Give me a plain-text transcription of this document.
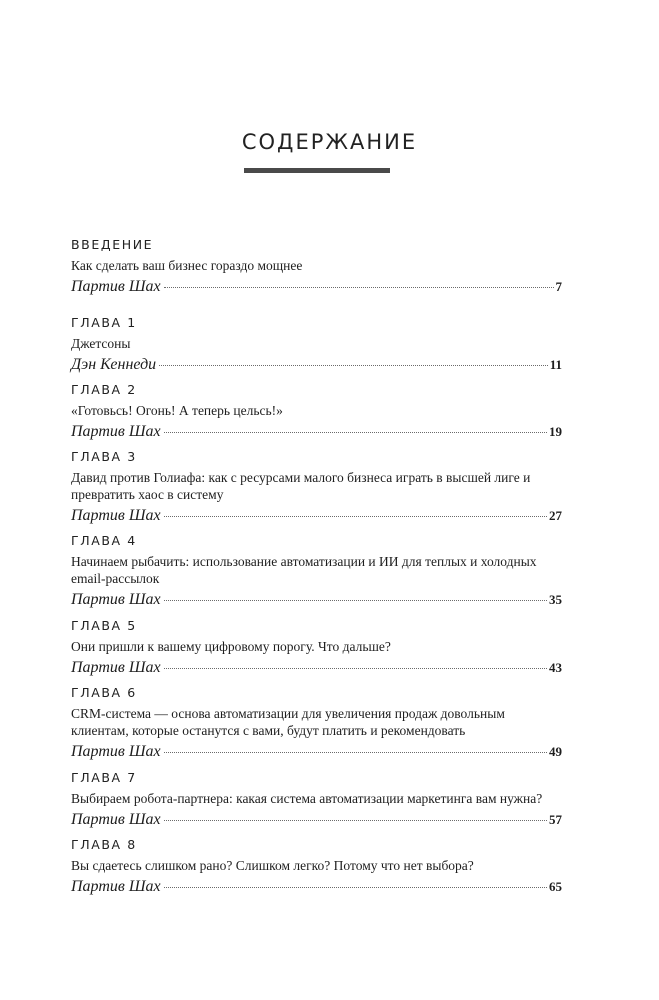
СОДЕРЖАНИЕ
ВВЕДЕНИЕ
Как сделать ваш бизнес гораздо мощнее
Партив Шах	7
ГЛАВА 1
Джетсоны
Дэн Кеннеди	11
ГЛАВА 2
«Готовьсь! Огонь! А теперь цельсь!»
Партив Шах	19
ГЛАВА 3
Давид против Голиафа: как с ресурсами малого бизнеса играть в высшей лиге и превратить хаос в систему
Партив Шах	27
ГЛАВА 4
Начинаем рыбачить: использование автоматизации и ИИ для теплых и холодных email-рассылок
Партив Шах	35
ГЛАВА 5
Они пришли к вашему цифровому порогу. Что дальше?
Партив Шах	43
ГЛАВА 6
CRM-система — основа автоматизации для увеличения продаж довольным клиентам, которые останутся с вами, будут платить и рекомендовать
Партив Шах	49
ГЛАВА 7
Выбираем робота-партнера: какая система автоматизации маркетинга вам нужна?
Партив Шах	57
ГЛАВА 8
Вы сдаетесь слишком рано? Слишком легко? Потому что нет выбора?
Партив Шах	65
